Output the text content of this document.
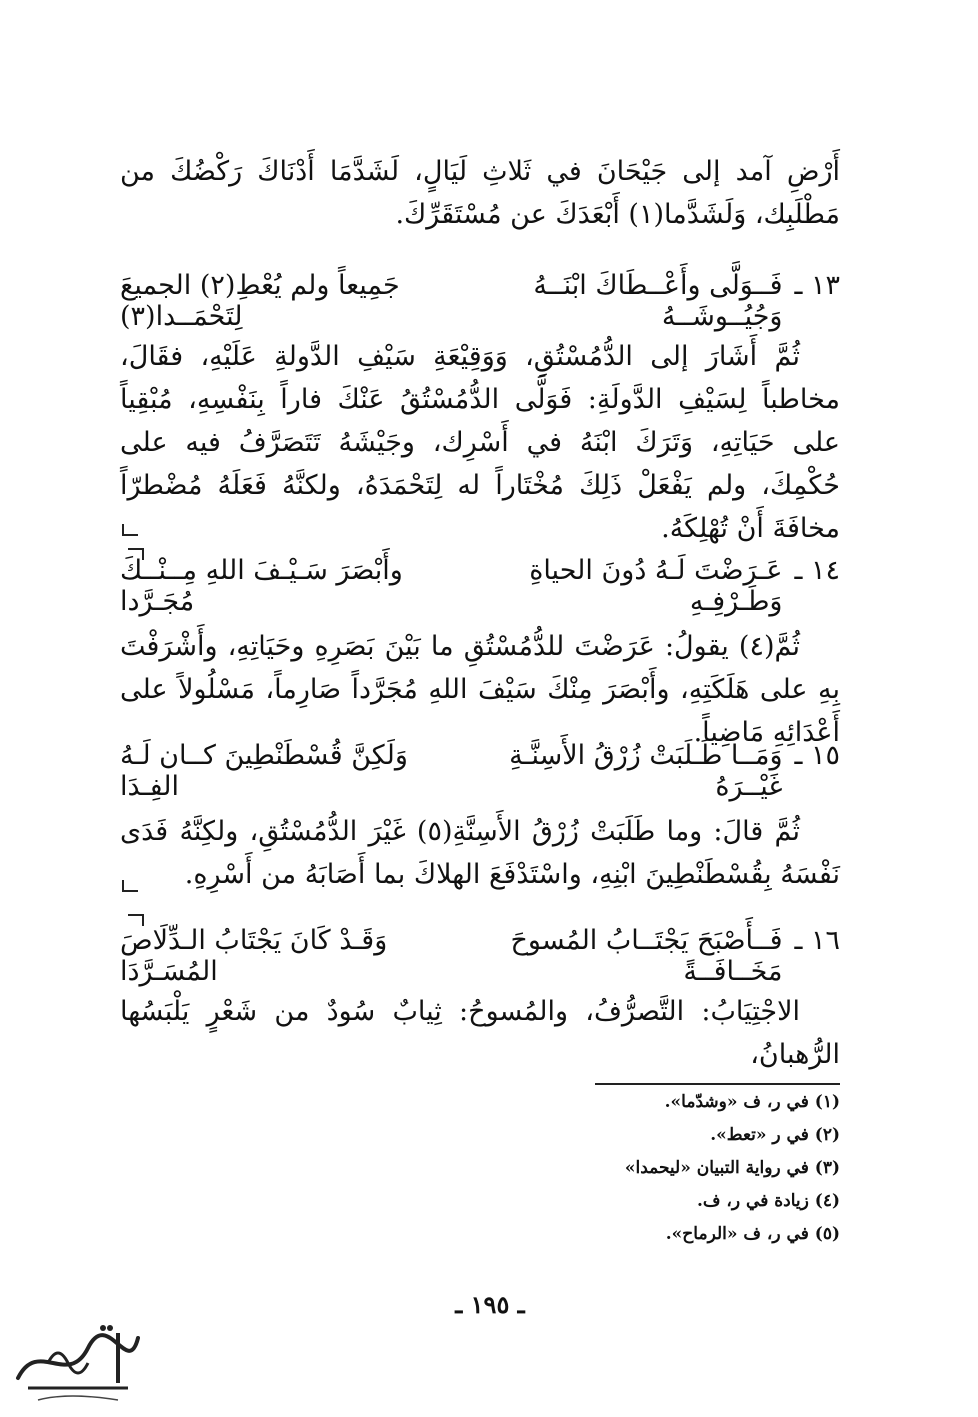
أَرْضِ آمد إلى جَيْحَانَ في ثَلاثِ لَيَالٍ، لَشَدَّمَا أَدْنَاكَ رَكْضُكَ من مَطْلَبِك، وَلَشَدَّما(١) أَبْعَدَكَ عن مُسْتَقَرِّكَ.
١٣ ـ
فَــوَلَّى وأَعْــطَاكَ ابْنَــهُ وَجُيُــوشَــهُ
جَمِيعاً ولم يُعْطِ(٢) الجميعَ لِتَحْمَــدا(٣)
ثُمَّ أَشَارَ إلى الدُّمُسْتُقِ، وَوَقِيْعَةِ سَيْفِ الدَّولةِ عَلَيْهِ، فقَالَ، مخاطباً لِسَيْفِ الدَّولَةِ: فَوَلَّى الدُّمُسْتُقُ عَنْكَ فاراً بِنَفْسِهِ، مُبْقِياً على حَيَاتِهِ، وَتَرَكَ ابْنَهُ في أَسْرِك، وجَيْشَهُ تَتَصَرَّفُ فيه على حُكْمِكَ، ولم يَفْعَلْ ذَلِكَ مُخْتَاراً له لِتَحْمَدَهُ، ولكنَّهُ فَعَلَهُ مُضْطرّاً مخافَةَ أَنْ تُهْلِكَهُ.
١٤ ـ
عَـرَضْتَ لَـهُ دُونَ الحياةِ وَطَـرْفِـهِ
وأَبْصَرَ سَـيْـفَ اللهِ مِــنْــكَ مُجَـرَّدا
ثُمَّ(٤) يقولُ: عَرَضْتَ للدُّمُسْتُقِ ما بَيْنَ بَصَرِهِ وحَيَاتِهِ، وأَشْرَفْتَ بِهِ على هَلَكَتِهِ، وأَبْصَرَ مِنْكَ سَيْفَ اللهِ مُجَرَّداً صَارِماً، مَسْلُولاً على أَعْدَائِهِ مَاضِياً.
١٥ ـ
وَمَــا طَـلَبَتْ زُرْقُ الأَسِنَّـةِ غَيْــرَهُ
وَلَكِنَّ قُسْطَنْطِينَ كــان لَـهُ الفِـدَا
ثُمَّ قالَ: وما طَلَبَتْ زُرْقُ الأَسِنَّةِ(٥) غَيْرَ الدُّمُسْتُقِ، ولكِنَّهُ فَدَى نَفْسَهُ بِقُسْطَنْطِينَ ابْنِهِ، واسْتَدْفَعَ الهلاكَ بما أَصَابَهُ من أَسْرِهِ.
١٦ ـ
فَــأَصْبَحَ يَجْتَــابُ المُسوحَ مَخَــافَــةً
وَقَـدْ كَانَ يَجْتَابُ الـدِّلَاصَ المُسَـرَّدَا
الاجْتِيَابُ: التَّصرُّفُ، والمُسوحُ: ثِيابٌ سُودٌ من شَعْرٍ يَلْبَسُها الرُّهبانُ،
(١) في ر، ف «وشدّما».
(٢) في ر «تعط».
(٣) في رواية التبيان «ليحمدا»
(٤) زيادة في ر، ف.
(٥) في ر، ف «الرماح».
ـ ١٩٥ ـ
